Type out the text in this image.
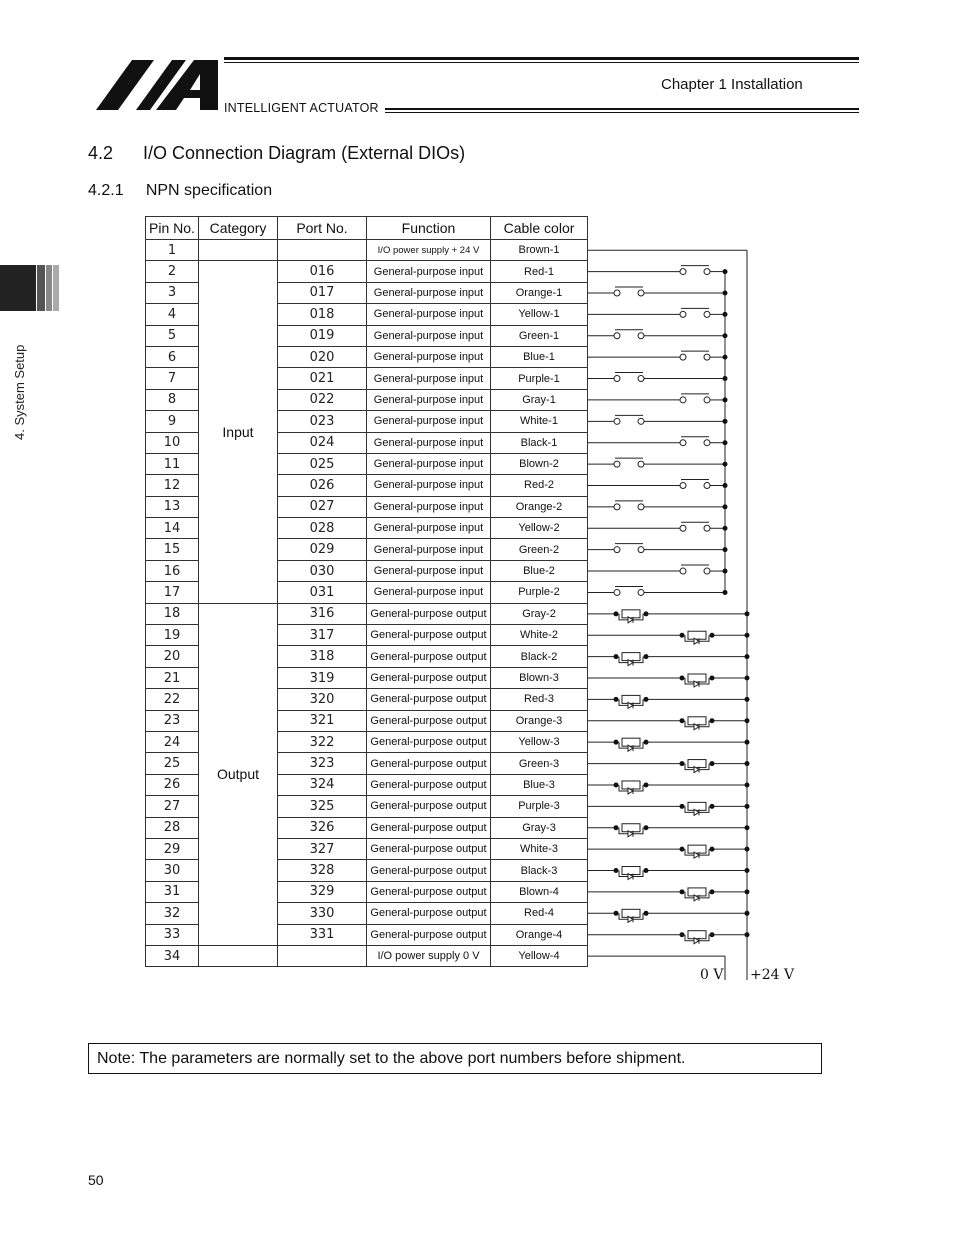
Chapter 1 Installation
INTELLIGENT ACTUATOR
4. System Setup
4.2      I/O Connection Diagram (External DIOs)
4.2.1     NPN specification
Pin No.	Category	Port No.	Function	Cable color
1			I/O power supply + 24 V	Brown-1
2	Input	016	General-purpose input	Red-1
3		017	General-purpose input	Orange-1
4		018	General-purpose input	Yellow-1
5		019	General-purpose input	Green-1
6		020	General-purpose input	Blue-1
7		021	General-purpose input	Purple-1
8		022	General-purpose input	Gray-1
9		023	General-purpose input	White-1
10		024	General-purpose input	Black-1
11		025	General-purpose input	Blown-2
12		026	General-purpose input	Red-2
13		027	General-purpose input	Orange-2
14		028	General-purpose input	Yellow-2
15		029	General-purpose input	Green-2
16		030	General-purpose input	Blue-2
17		031	General-purpose input	Purple-2
18	Output	316	General-purpose output	Gray-2
19		317	General-purpose output	White-2
20		318	General-purpose output	Black-2
21		319	General-purpose output	Blown-3
22		320	General-purpose output	Red-3
23		321	General-purpose output	Orange-3
24		322	General-purpose output	Yellow-3
25		323	General-purpose output	Green-3
26		324	General-purpose output	Blue-3
27		325	General-purpose output	Purple-3
28		326	General-purpose output	Gray-3
29		327	General-purpose output	White-3
30		328	General-purpose output	Black-3
31		329	General-purpose output	Blown-4
32		330	General-purpose output	Red-4
33		331	General-purpose output	Orange-4
34			I/O power supply 0 V	Yellow-4
0 V +24 V
Note: The parameters are normally set to the above port numbers before shipment.
50
